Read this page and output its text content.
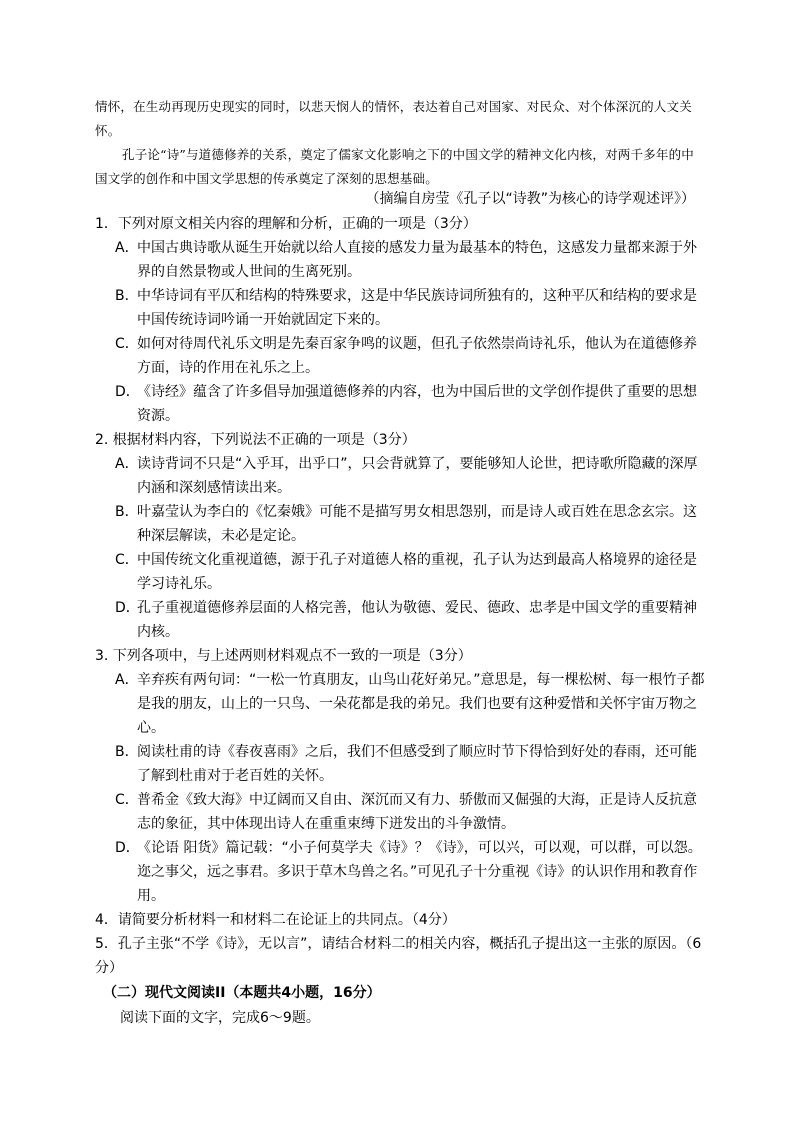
情怀，在生动再现历史现实的同时，以悲天悯人的情怀，表达着自己对国家、对民众、对个体深沉的人文关怀。
孔子论“诗”与道德修养的关系，奠定了儒家文化影响之下的中国文学的精神文化内核，对两千多年的中国文学的创作和中国文学思想的传承奠定了深刻的思想基础。
（摘编自房莹《孔子以“诗教”为核心的诗学观述评》）

1．下列对原文相关内容的理解和分析，正确的一项是（3分）

A．中国古典诗歌从诞生开始就以给人直接的感发力量为最基本的特色，这感发力量都来源于外界的自然景物或人世间的生离死别。

B．中华诗词有平仄和结构的特殊要求，这是中华民族诗词所独有的，这种平仄和结构的要求是中国传统诗词吟诵一开始就固定下来的。

C．如何对待周代礼乐文明是先秦百家争鸣的议题，但孔子依然崇尚诗礼乐，他认为在道德修养方面，诗的作用在礼乐之上。

D．《诗经》蕴含了许多倡导加强道德修养的内容，也为中国后世的文学创作提供了重要的思想资源。

2. 根据材料内容，下列说法不正确的一项是（3分）

A．读诗背词不只是“入乎耳，出乎口”，只会背就算了，要能够知人论世，把诗歌所隐藏的深厚内涵和深刻感情读出来。

B．叶嘉莹认为李白的《忆秦娥》可能不是描写男女相思怨别，而是诗人或百姓在思念玄宗。这种深层解读，未必是定论。

C．中国传统文化重视道德，源于孔子对道德人格的重视，孔子认为达到最高人格境界的途径是学习诗礼乐。

D．孔子重视道德修养层面的人格完善，他认为敬德、爱民、德政、忠孝是中国文学的重要精神内核。

3. 下列各项中，与上述两则材料观点不一致的一项是（3分）

A．辛弃疾有两句词：“一松一竹真朋友，山鸟山花好弟兄。”意思是，每一棵松树、每一根竹子都是我的朋友，山上的一只鸟、一朵花都是我的弟兄。我们也要有这种爱惜和关怀宇宙万物之心。

B．阅读杜甫的诗《春夜喜雨》之后，我们不但感受到了顺应时节下得恰到好处的春雨，还可能了解到杜甫对于老百姓的关怀。

C．普希金《致大海》中辽阔而又自由、深沉而又有力、骄傲而又倔强的大海，正是诗人反抗意志的象征，其中体现出诗人在重重束缚下迸发出的斗争激情。

D．《论语 阳货》篇记载：“小子何莫学夫《诗》？《诗》，可以兴，可以观，可以群，可以怨。迩之事父，远之事君。多识于草木鸟兽之名。”可见孔子十分重视《诗》的认识作用和教育作用。

4．请简要分析材料一和材料二在论证上的共同点。（4分）

5．孔子主张“不学《诗》，无以言”，请结合材料二的相关内容，概括孔子提出这一主张的原因。（6分）

（二）现代文阅读II（本题共4小题，16分）

阅读下面的文字，完成6～9题。
